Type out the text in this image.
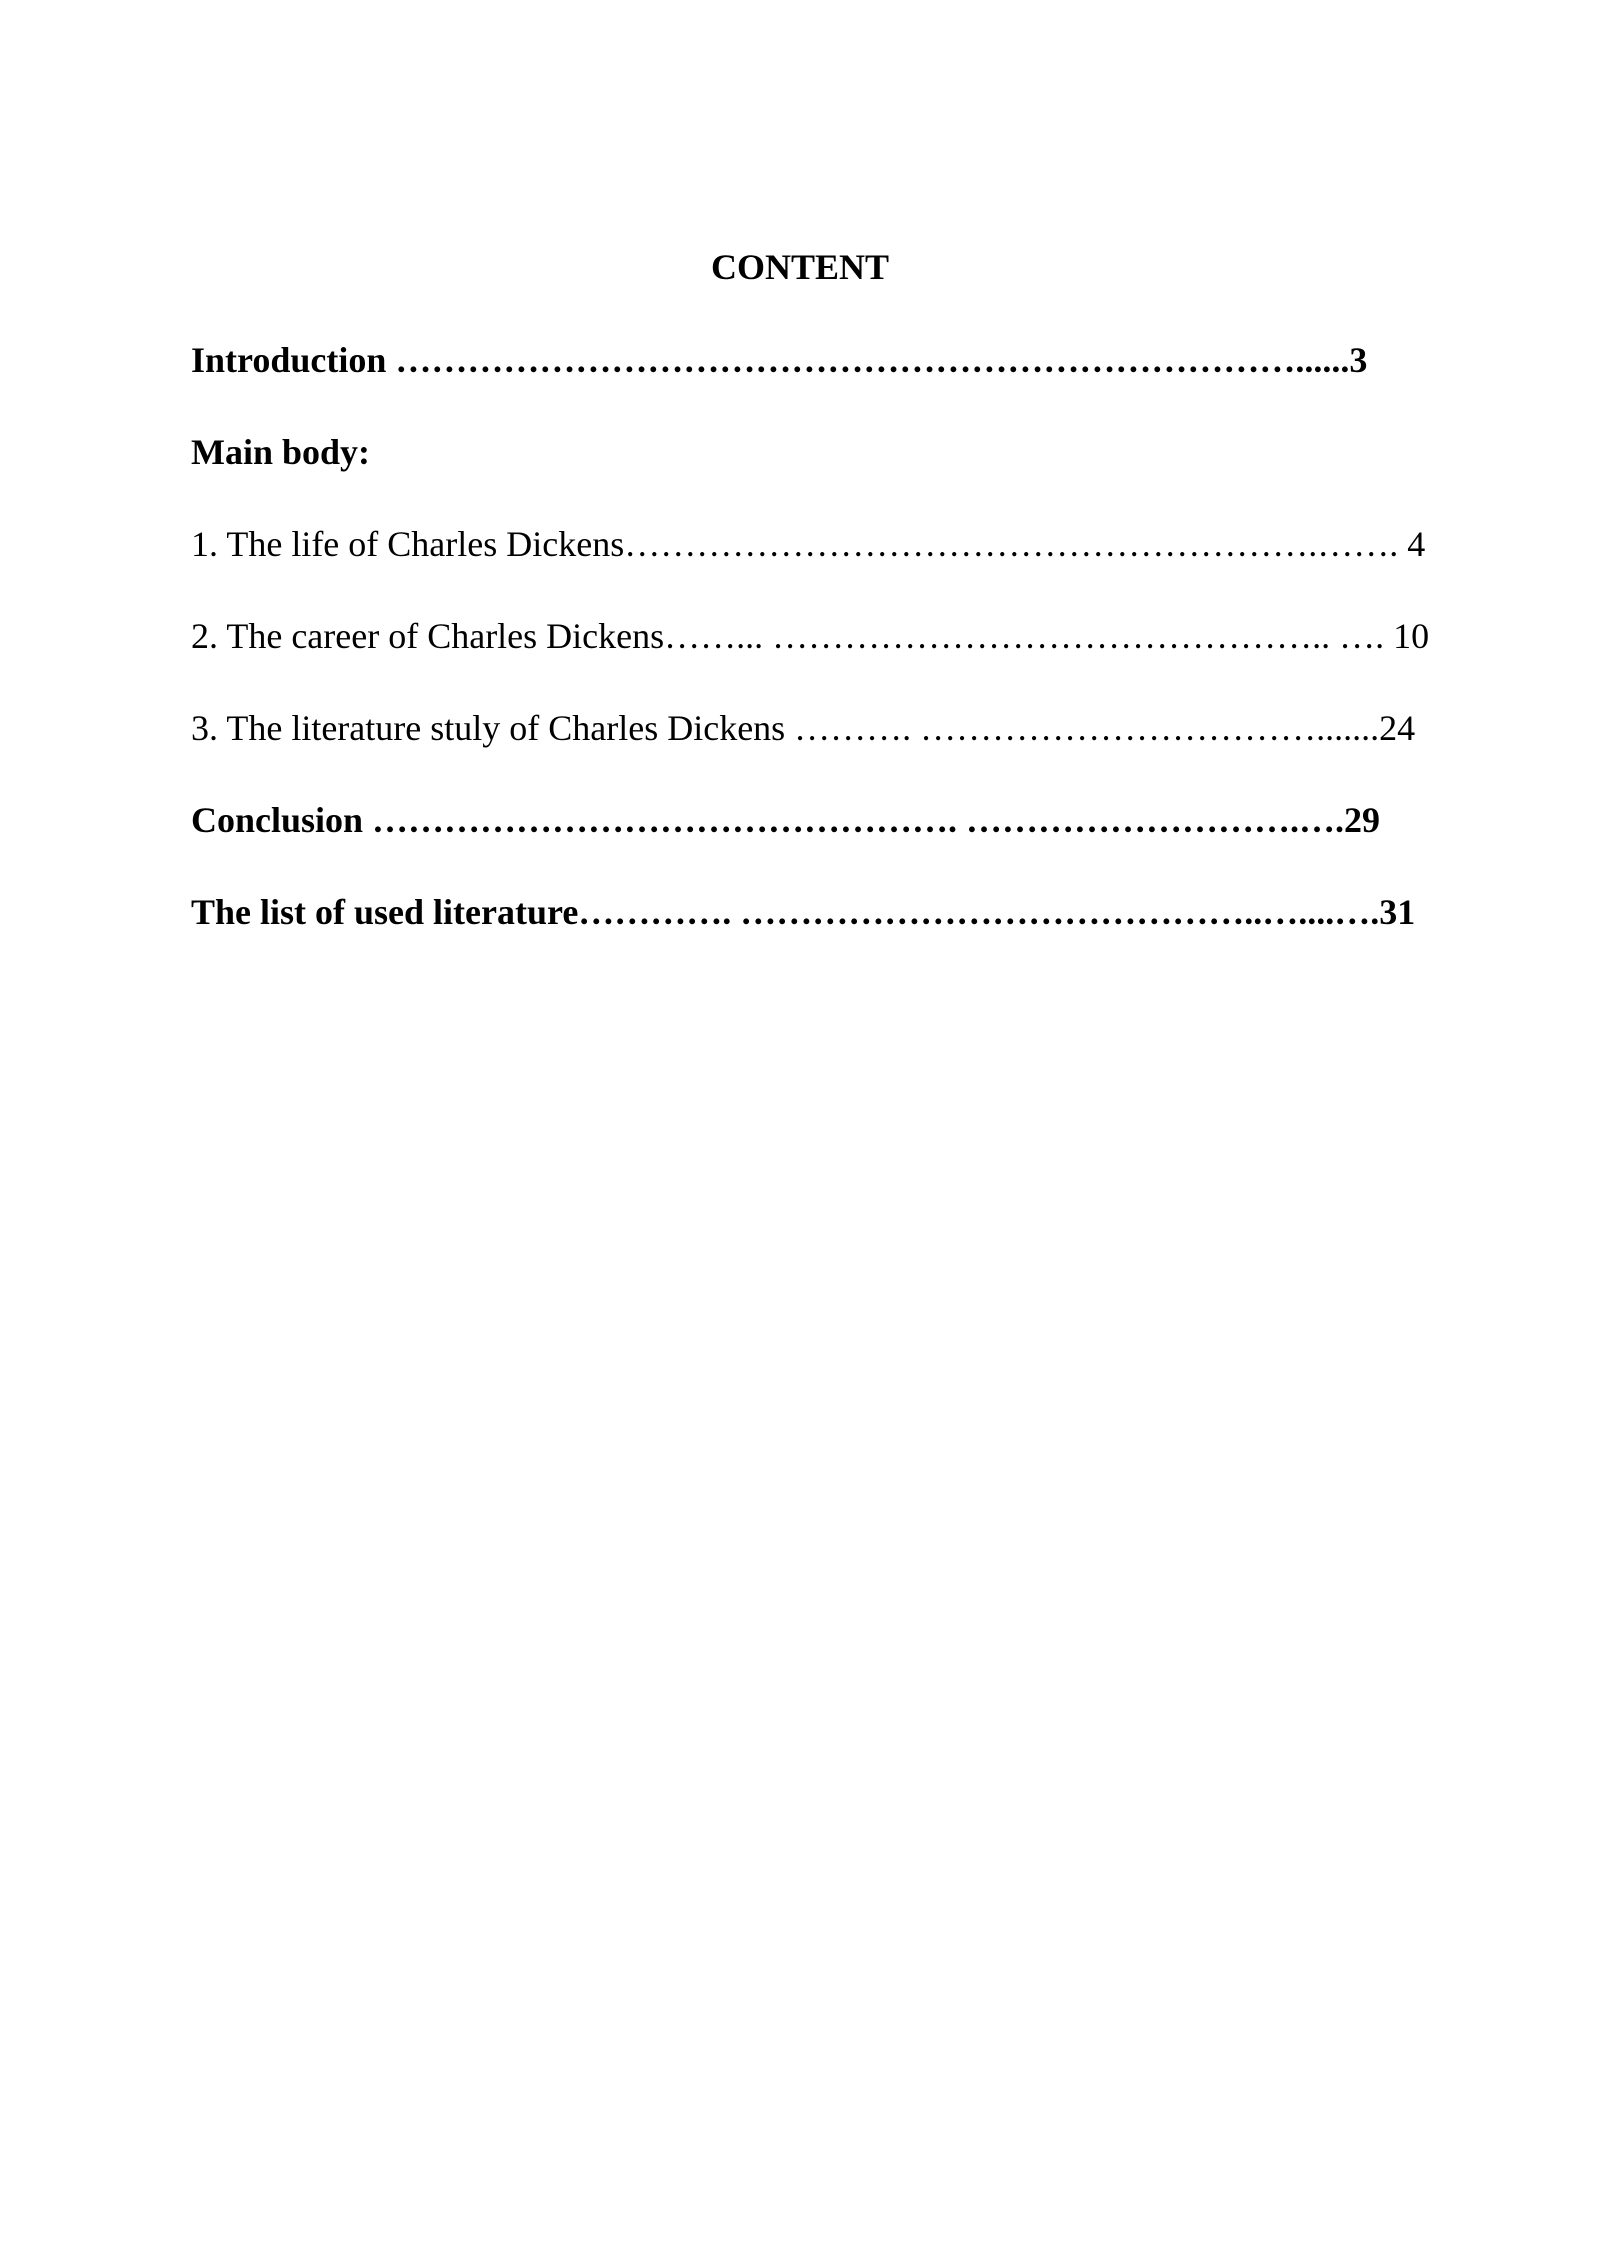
CONTENT
Introduction …………………………………………………………………......3
Main body:
1. The life of Charles Dickens………………………………………………….……. 4
2. The career of Charles Dickens……... ……………………………………….. …. 10
3. The literature stuly of Charles Dickens ………. …………………………….......24
Conclusion …………………………………………. ……………………….….29
The list of used literature…………. ……………………………………..…....….31
